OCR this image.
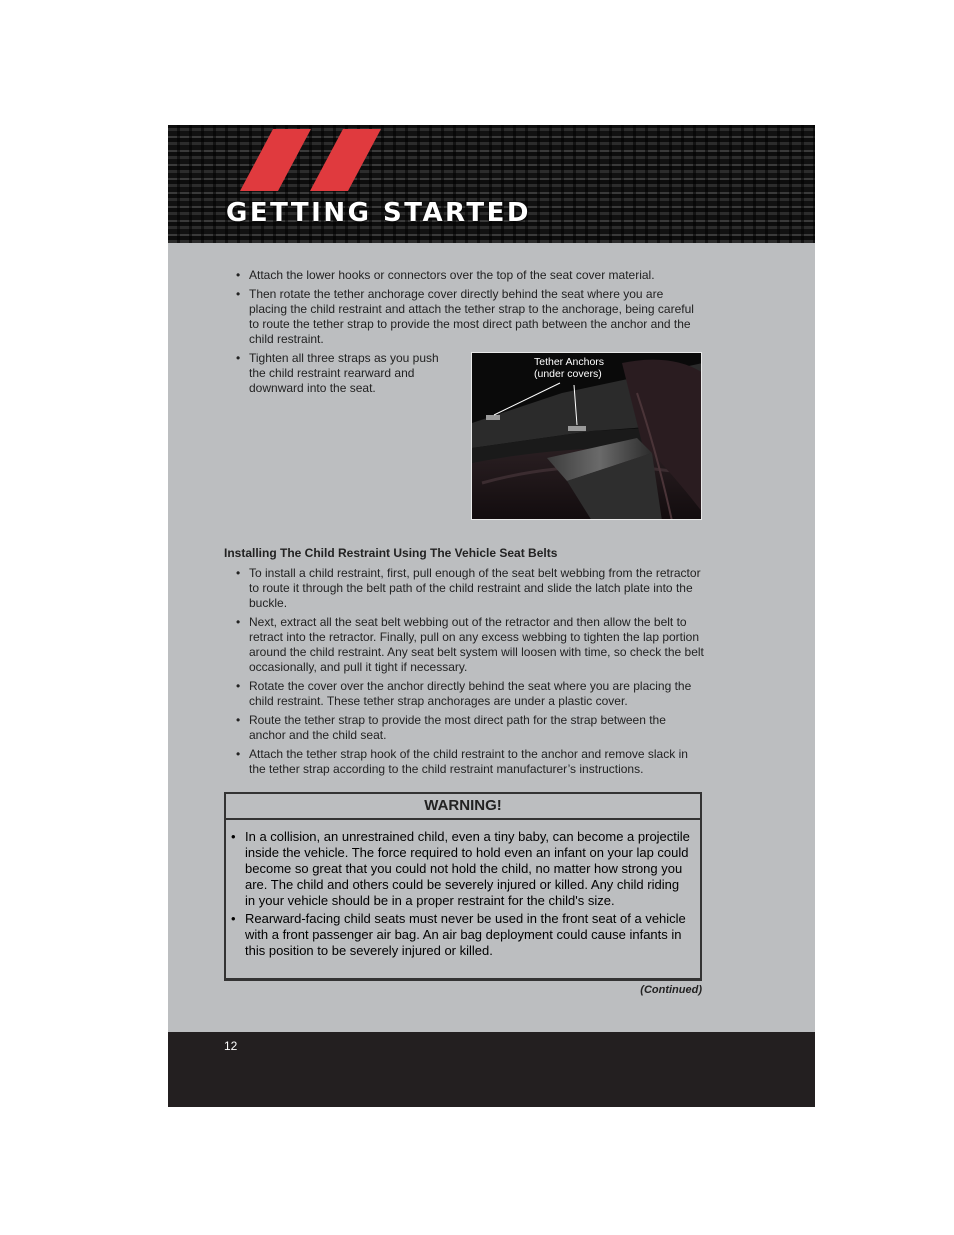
GETTING STARTED
• Attach the lower hooks or connectors over the top of the seat cover material.
• Then rotate the tether anchorage cover directly behind the seat where you are placing the child restraint and attach the tether strap to the anchorage, being careful to route the tether strap to provide the most direct path between the anchor and the child restraint.
• Tighten all three straps as you push the child restraint rearward and downward into the seat.
Tether Anchors
(under covers)
Installing The Child Restraint Using The Vehicle Seat Belts
• To install a child restraint, first, pull enough of the seat belt webbing from the retractor to route it through the belt path of the child restraint and slide the latch plate into the buckle.
• Next, extract all the seat belt webbing out of the retractor and then allow the belt to retract into the retractor. Finally, pull on any excess webbing to tighten the lap portion around the child restraint. Any seat belt system will loosen with time, so check the belt occasionally, and pull it tight if necessary.
• Rotate the cover over the anchor directly behind the seat where you are placing the child restraint. These tether strap anchorages are under a plastic cover.
• Route the tether strap to provide the most direct path for the strap between the anchor and the child seat.
• Attach the tether strap hook of the child restraint to the anchor and remove slack in the tether strap according to the child restraint manufacturer’s instructions.
WARNING!
• In a collision, an unrestrained child, even a tiny baby, can become a projectile inside the vehicle. The force required to hold even an infant on your lap could become so great that you could not hold the child, no matter how strong you are. The child and others could be severely injured or killed. Any child riding in your vehicle should be in a proper restraint for the child's size.
• Rearward-facing child seats must never be used in the front seat of a vehicle with a front passenger air bag. An air bag deployment could cause infants in this position to be severely injured or killed.
(Continued)
12
